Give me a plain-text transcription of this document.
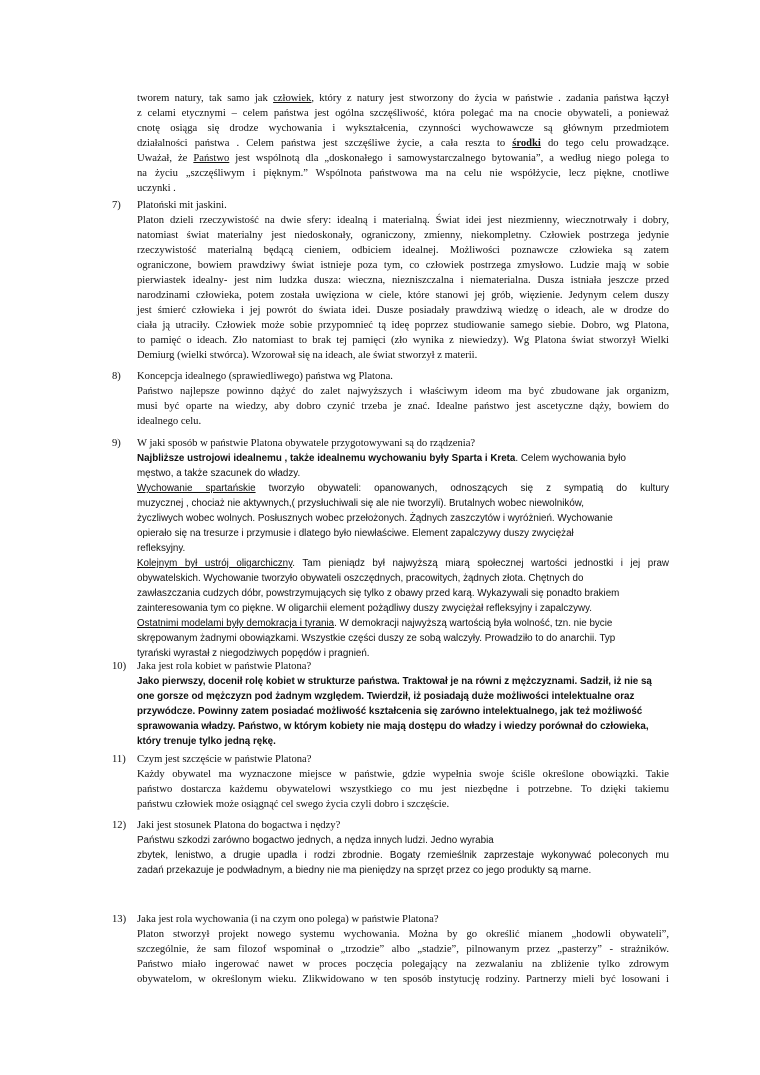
tworem natury, tak samo jak człowiek, który z natury jest stworzony do życia w państwie . zadania państwa łączył

z celami etycznymi – celem państwa jest ogólna szczęśliwość, która polegać ma na cnocie obywateli, a ponieważ

cnotę osiąga się drodze wychowania i wykształcenia, czynności wychowawcze są głównym przedmiotem

działalności państwa . Celem państwa jest szczęśliwe życie, a cała reszta to środki do tego celu prowadzące.

Uważał, że Państwo jest wspólnotą dla „doskonałego i samowystarczalnego bytowania”, a według niego polega to

na życiu „szczęśliwym i pięknym.” Wspólnota państwowa ma na celu nie współżycie, lecz piękne, cnotliwe

uczynki .

7) Platoński mit jaskini.

Platon dzieli rzeczywistość na dwie sfery: idealną i materialną. Świat idei jest niezmienny, wiecznotrwały i dobry,

natomiast świat materialny jest niedoskonały, ograniczony, zmienny, niekompletny. Człowiek postrzega jedynie

rzeczywistość materialną będącą cieniem, odbiciem idealnej. Możliwości poznawcze człowieka są zatem

ograniczone, bowiem prawdziwy świat istnieje poza tym, co człowiek postrzega zmysłowo. Ludzie mają w sobie

pierwiastek idealny- jest nim ludzka dusza: wieczna, niezniszczalna i niematerialna. Dusza istniała jeszcze przed

narodzinami człowieka, potem została uwięziona w ciele, które stanowi jej grób, więzienie. Jedynym celem duszy

jest śmierć człowieka i jej powrót do świata idei. Dusze posiadały prawdziwą wiedzę o ideach, ale w drodze do

ciała ją utraciły. Człowiek może sobie przypomnieć tą ideę poprzez studiowanie samego siebie. Dobro, wg Platona,

to pamięć o ideach. Zło natomiast to brak tej pamięci (zło wynika z niewiedzy). Wg Platona świat stworzył Wielki

Demiurg (wielki stwórca). Wzorował się na ideach, ale świat stworzył z materii.

8) Koncepcja idealnego (sprawiedliwego) państwa wg Platona.

Państwo najlepsze powinno dążyć do zalet najwyższych i właściwym ideom ma być zbudowane jak organizm,

musi być oparte na wiedzy, aby dobro czynić trzeba je znać. Idealne państwo jest ascetyczne dąży, bowiem do

idealnego celu.

9) W jaki sposób w państwie Platona obywatele przygotowywani są do rządzenia?

Najbliższe ustrojowi idealnemu , także idealnemu wychowaniu były Sparta i Kreta. Celem wychowania było

męstwo, a także szacunek do władzy.

Wychowanie spartańskie tworzyło obywateli: opanowanych, odnoszących się z sympatią do kultury

muzycznej , chociaż nie aktywnych,( przysłuchiwali się ale nie tworzyli). Brutalnych wobec niewolników,

życzliwych wobec wolnych. Posłusznych wobec przełożonych. Żądnych zaszczytów i wyróżnień. Wychowanie

opierało się na tresurze i przymusie i dlatego było niewłaściwe. Element zapalczywy duszy zwyciężał

refleksyjny.

Kolejnym był ustrój oligarchiczny. Tam pieniądz był najwyższą miarą społecznej wartości jednostki i jej praw

obywatelskich. Wychowanie tworzyło obywateli oszczędnych, pracowitych, żądnych złota. Chętnych do

zawłaszczania cudzych dóbr, powstrzymujących się tylko z obawy przed karą. Wykazywali się ponadto brakiem

zainteresowania tym co piękne. W oligarchii element pożądliwy duszy zwyciężał refleksyjny i zapalczywy.

Ostatnimi modelami były demokracja i tyrania. W demokracji najwyższą wartością była wolność, tzn. nie bycie

skrępowanym żadnymi obowiązkami. Wszystkie części duszy ze sobą walczyły. Prowadziło to do anarchii. Typ

tyrański wyrastał z niegodziwych popędów i pragnień.

10) Jaka jest rola kobiet w państwie Platona?

Jako pierwszy, docenił rolę kobiet w strukturze państwa. Traktował je na równi z mężczyznami. Sadził, iż nie są

one gorsze od mężczyzn pod żadnym względem. Twierdził, iż posiadają duże możliwości intelektualne oraz

przywódcze. Powinny zatem posiadać możliwość kształcenia się zarówno intelektualnego, jak też możliwość

sprawowania władzy. Państwo, w którym kobiety nie mają dostępu do władzy i wiedzy porównał do człowieka,

który trenuje tylko jedną rękę.

11) Czym jest szczęście w państwie Platona?

Każdy obywatel ma wyznaczone miejsce w państwie, gdzie wypełnia swoje ściśle określone obowiązki. Takie

państwo dostarcza każdemu obywatelowi wszystkiego co mu jest niezbędne i potrzebne. To dzięki takiemu

państwu człowiek może osiągnąć cel swego życia czyli dobro i szczęście.

12) Jaki jest stosunek Platona do bogactwa i nędzy?

Państwu szkodzi zarówno bogactwo jednych, a nędza innych ludzi. Jedno wyrabia

zbytek, lenistwo, a drugie upadla i rodzi zbrodnie. Bogaty rzemieślnik zaprzestaje wykonywać poleconych mu

zadań przekazuje je podwładnym, a biedny nie ma pieniędzy na sprzęt przez co jego produkty są marne.

13) Jaka jest rola wychowania (i na czym ono polega) w państwie Platona?

Platon stworzył projekt nowego systemu wychowania. Można by go określić mianem „hodowli obywateli”,

szczególnie, że sam filozof wspominał o „trzodzie” albo „stadzie”, pilnowanym przez „pasterzy” - strażników.

Państwo miało ingerować nawet w proces poczęcia polegający na zezwalaniu na zbliżenie tylko zdrowym

obywatelom, w określonym wieku. Zlikwidowano w ten sposób instytucję rodziny. Partnerzy mieli być losowani i
